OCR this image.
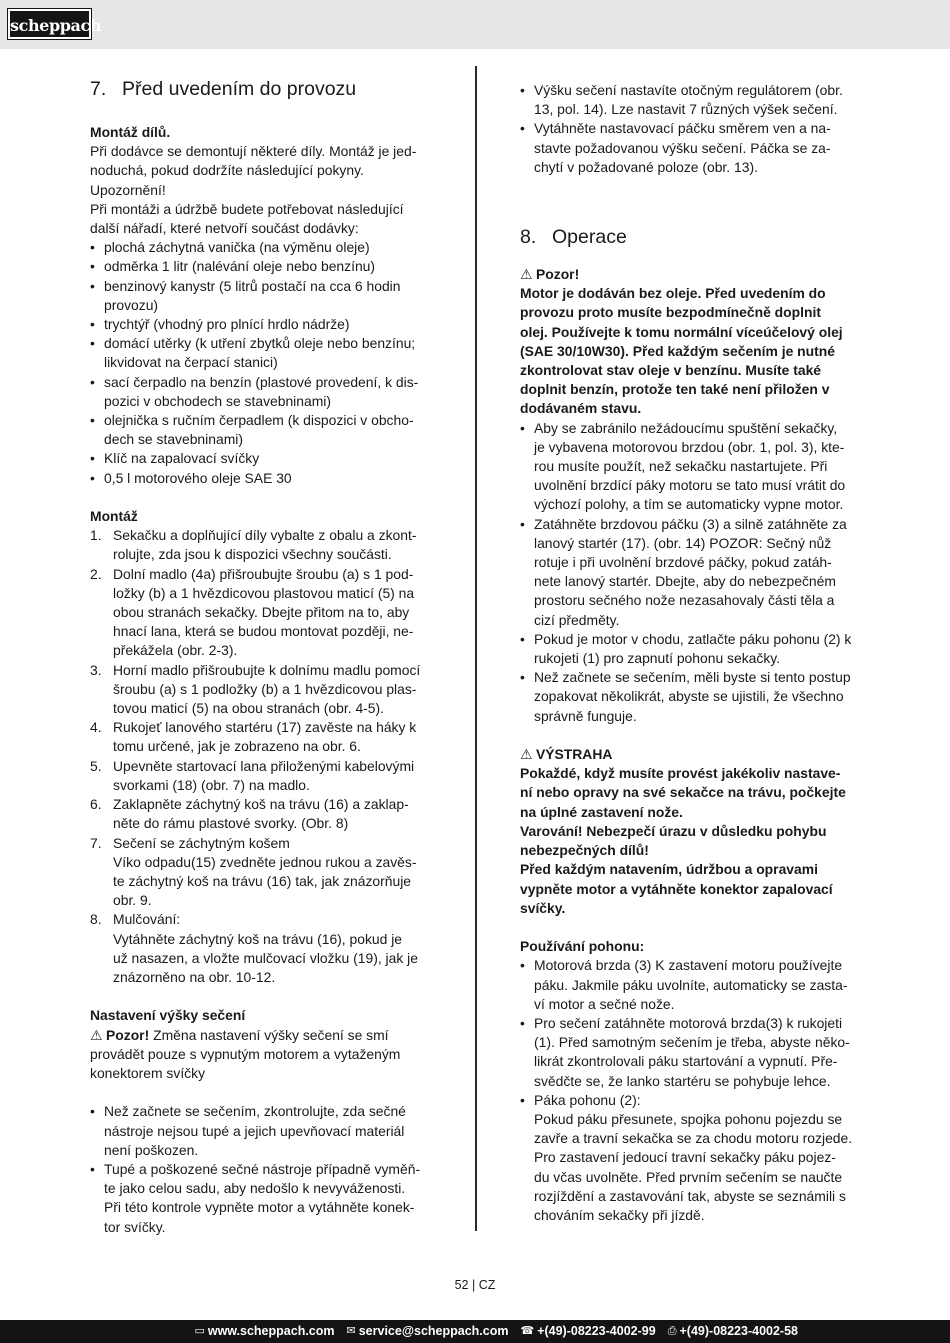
scheppach
7. Před uvedením do provozu
Montáž dílů.
Při dodávce se demontují některé díly. Montáž je jed-
noduchá, pokud dodržíte následující pokyny.
Upozornění!
Při montáži a údržbě budete potřebovat následující
další nářadí, které netvoří součást dodávky:
• plochá záchytná vanička (na výměnu oleje)
• odměrka 1 litr (nalévání oleje nebo benzínu)
• benzinový kanystr (5 litrů postačí na cca 6 hodin
provozu)
• trychtýř (vhodný pro plnící hrdlo nádrže)
• domácí utěrky (k utření zbytků oleje nebo benzínu;
likvidovat na čerpací stanici)
• sací čerpadlo na benzín (plastové provedení, k dis-
pozici v obchodech se stavebninami)
• olejnička s ručním čerpadlem (k dispozici v obcho-
dech se stavebninami)
• Klíč na zapalovací svíčky
• 0,5 l motorového oleje SAE 30
Montáž
1. Sekačku a doplňující díly vybalte z obalu a zkont-
rolujte, zda jsou k dispozici všechny součásti.
2. Dolní madlo (4a) přišroubujte šroubu (a) s 1 pod-
ložky (b) a 1 hvězdicovou plastovou maticí (5) na
obou stranách sekačky. Dbejte přitom na to, aby
hnací lana, která se budou montovat později, ne-
překážela (obr. 2-3).
3. Horní madlo přišroubujte k dolnímu madlu pomocí
šroubu (a) s 1 podložky (b) a 1 hvězdicovou plas-
tovou maticí (5) na obou stranách (obr. 4-5).
4. Rukojeť lanového startéru (17) zavěste na háky k
tomu určené, jak je zobrazeno na obr. 6.
5. Upevněte startovací lana přiloženými kabelovými
svorkami (18) (obr. 7) na madlo.
6. Zaklapněte záchytný koš na trávu (16) a zaklap-
něte do rámu plastové svorky. (Obr. 8)
7. Sečení se záchytným košem
Víko odpadu(15) zvedněte jednou rukou a zavěs-
te záchytný koš na trávu (16) tak, jak znázorňuje
obr. 9.
8. Mulčování:
Vytáhněte záchytný koš na trávu (16), pokud je
už nasazen, a vložte mulčovací vložku (19), jak je
znázorněno na obr. 10-12.
Nastavení výšky sečení
⚠ Pozor! Změna nastavení výšky sečení se smí
provádět pouze s vypnutým motorem a vytaženým
konektorem svíčky
• Než začnete se sečením, zkontrolujte, zda sečné
nástroje nejsou tupé a jejich upevňovací materiál
není poškozen.
• Tupé a poškozené sečné nástroje případně vyměň-
te jako celou sadu, aby nedošlo k nevyváženosti.
Při této kontrole vypněte motor a vytáhněte konek-
tor svíčky.
• Výšku sečení nastavíte otočným regulátorem (obr.
13, pol. 14). Lze nastavit 7 různých výšek sečení.
• Vytáhněte nastavovací páčku směrem ven a na-
stavte požadovanou výšku sečení. Páčka se za-
chytí v požadované poloze (obr. 13).
8. Operace
⚠ Pozor!
Motor je dodáván bez oleje. Před uvedením do
provozu proto musíte bezpodmínečně doplnit
olej. Používejte k tomu normální víceúčelový olej
(SAE 30/10W30). Před každým sečením je nutné
zkontrolovat stav oleje v benzínu. Musíte také
doplnit benzín, protože ten také není přiložen v
dodávaném stavu.
• Aby se zabránilo nežádoucímu spuštění sekačky,
je vybavena motorovou brzdou (obr. 1, pol. 3), kte-
rou musíte použít, než sekačku nastartujete. Při
uvolnění brzdící páky motoru se tato musí vrátit do
výchozí polohy, a tím se automaticky vypne motor.
• Zatáhněte brzdovou páčku (3) a silně zatáhněte za
lanový startér (17). (obr. 14) POZOR: Sečný nůž
rotuje i při uvolnění brzdové páčky, pokud zatáh-
nete lanový startér. Dbejte, aby do nebezpečném
prostoru sečného nože nezasahovaly části těla a
cizí předměty.
• Pokud je motor v chodu, zatlačte páku pohonu (2) k
rukojeti (1) pro zapnutí pohonu sekačky.
• Než začnete se sečením, měli byste si tento postup
zopakovat několikrát, abyste se ujistili, že všechno
správně funguje.
⚠ VÝSTRAHA
Pokaždé, když musíte provést jakékoliv nastave-
ní nebo opravy na své sekačce na trávu, počkejte
na úplné zastavení nože.
Varování! Nebezpečí úrazu v důsledku pohybu
nebezpečných dílů!
Před každým natavením, údržbou a opravami
vypněte motor a vytáhněte konektor zapalovací
svíčky.
Používání pohonu:
• Motorová brzda (3) K zastavení motoru používejte
páku. Jakmile páku uvolníte, automaticky se zasta-
ví motor a sečné nože.
• Pro sečení zatáhněte motorová brzda(3) k rukojeti
(1). Před samotným sečením je třeba, abyste něko-
likrát zkontrolovali páku startování a vypnutí. Pře-
svědčte se, že lanko startéru se pohybuje lehce.
• Páka pohonu (2):
Pokud páku přesunete, spojka pohonu pojezdu se
zavře a travní sekačka se za chodu motoru rozjede.
Pro zastavení jedoucí travní sekačky páku pojez-
du včas uvolněte. Před prvním sečením se naučte
rozjíždění a zastavování tak, abyste se seznámili s
chováním sekačky při jízdě.
52 | CZ
▭ www.scheppach.com ✉ service@scheppach.com ☎ +(49)-08223-4002-99 ⎙ +(49)-08223-4002-58
